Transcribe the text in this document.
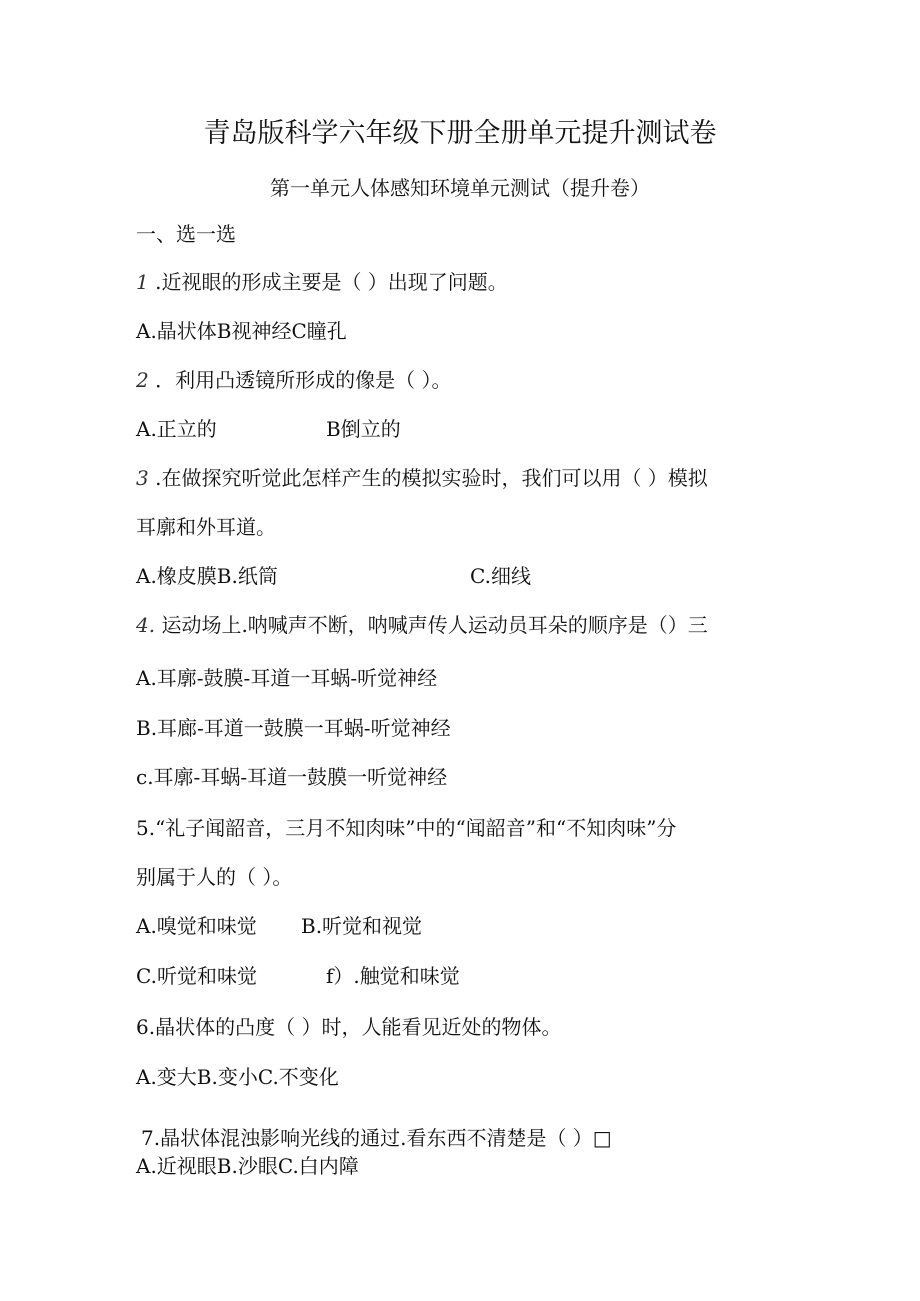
青岛版科学六年级下册全册单元提升测试卷
第一单元人体感知环境单元测试（提升卷）
一、选一选
1 .近视眼的形成主要是（ ）出现了问题。
A.晶状体B视神经C瞳孔
2 ．利用凸透镜所形成的像是（ ）。
A.正立的	B倒立的
3 .在做探究听觉此怎样产生的模拟实验时，我们可以用（ ）模拟
耳廓和外耳道。
A.橡皮膜B.纸筒	C.细线
4. 运动场上.呐喊声不断，呐喊声传人运动员耳朵的顺序是（）三
A.耳廓-鼓膜-耳道一耳蜗-听觉神经
B.耳廊-耳道一鼓膜一耳蜗-听觉神经
c.耳廓-耳蜗-耳道一鼓膜一听觉神经
5.“礼子闻韶音，三月不知肉味”中的“闻韶音”和“不知肉味”分
别属于人的（ ）。
A.嗅觉和味觉 B.听觉和视觉
C.听觉和味觉	f）.触觉和味觉
6.晶状体的凸度（ ）时，人能看见近处的物体。
A.变大B.变小C.不变化
7.晶状体混浊影响光线的通过.看东西不清楚是（ ）□
A.近视眼B.沙眼C.白内障
